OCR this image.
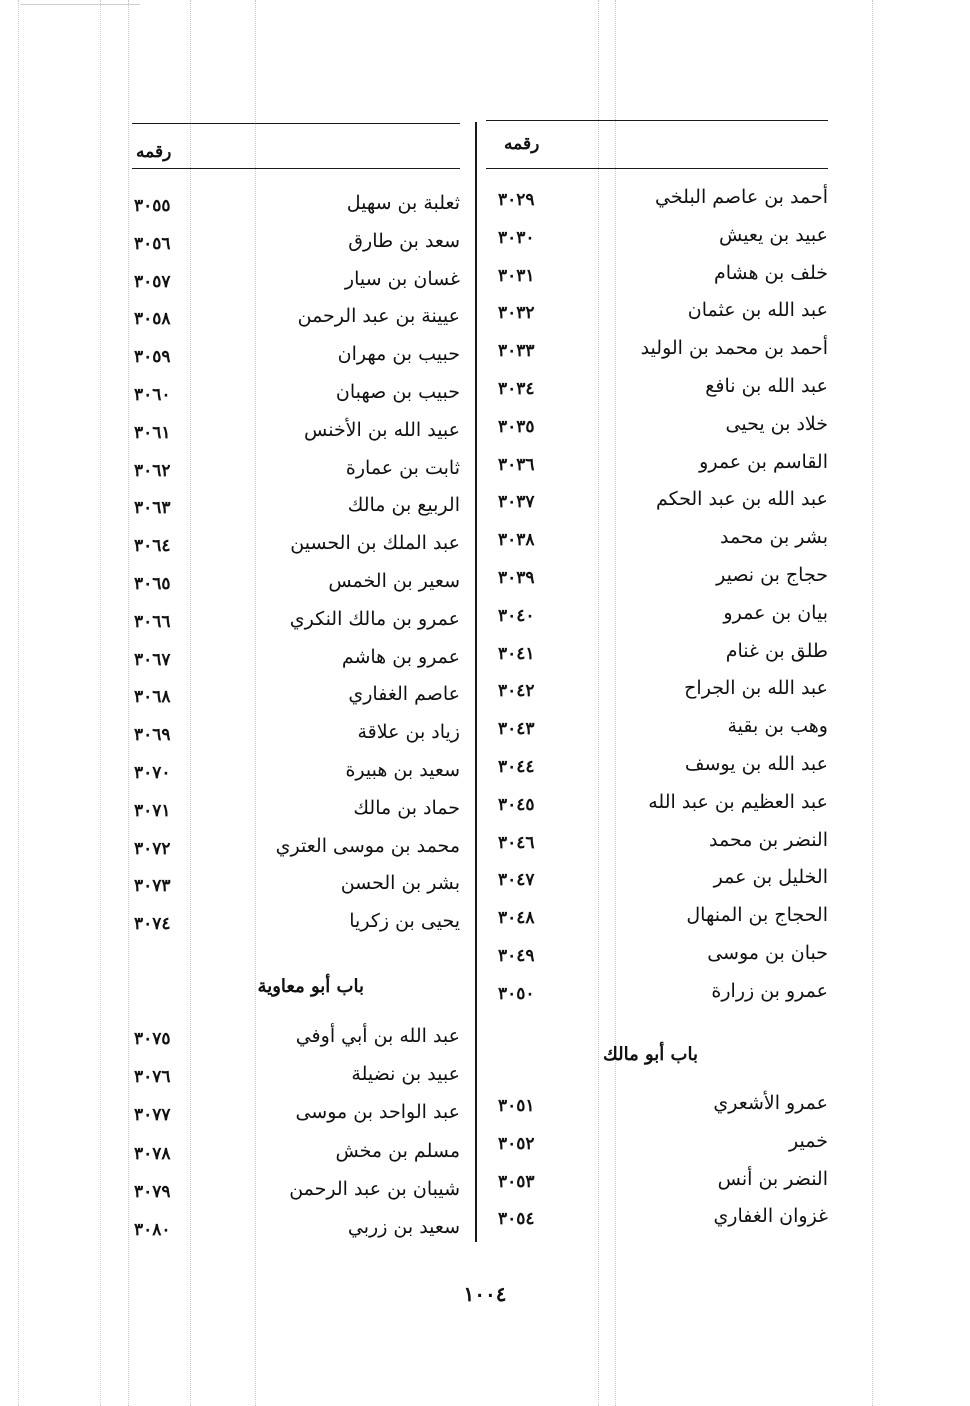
رقمه
ثعلبة بن سهيل
٣٠٥٥
سعد بن طارق
٣٠٥٦
غسان بن سيار
٣٠٥٧
عيينة بن عبد الرحمن
٣٠٥٨
حبيب بن مهران
٣٠٥٩
حبيب بن صهبان
٣٠٦٠
عبيد الله بن الأخنس
٣٠٦١
ثابت بن عمارة
٣٠٦٢
الربيع بن مالك
٣٠٦٣
عبد الملك بن الحسين
٣٠٦٤
سعير بن الخمس
٣٠٦٥
عمرو بن مالك النكري
٣٠٦٦
عمرو بن هاشم
٣٠٦٧
عاصم الغفاري
٣٠٦٨
زياد بن علاقة
٣٠٦٩
سعيد بن هبيرة
٣٠٧٠
حماد بن مالك
٣٠٧١
محمد بن موسى العتري
٣٠٧٢
بشر بن الحسن
٣٠٧٣
يحيى بن زكريا
٣٠٧٤
باب أبو معاوية
عبد الله بن أبي أوفي
٣٠٧٥
عبيد بن نضيلة
٣٠٧٦
عبد الواحد بن موسى
٣٠٧٧
مسلم بن مخش
٣٠٧٨
شيبان بن عبد الرحمن
٣٠٧٩
سعيد بن زربي
٣٠٨٠
رقمه
أحمد بن عاصم البلخي
٣٠٢٩
عبيد بن يعيش
٣٠٣٠
خلف بن هشام
٣٠٣١
عبد الله بن عثمان
٣٠٣٢
أحمد بن محمد بن الوليد
٣٠٣٣
عبد الله بن نافع
٣٠٣٤
خلاد بن يحيى
٣٠٣٥
القاسم بن عمرو
٣٠٣٦
عبد الله بن عبد الحكم
٣٠٣٧
بشر بن محمد
٣٠٣٨
حجاج بن نصير
٣٠٣٩
بيان بن عمرو
٣٠٤٠
طلق بن غنام
٣٠٤١
عبد الله بن الجراح
٣٠٤٢
وهب بن بقية
٣٠٤٣
عبد الله بن يوسف
٣٠٤٤
عبد العظيم بن عبد الله
٣٠٤٥
النضر بن محمد
٣٠٤٦
الخليل بن عمر
٣٠٤٧
الحجاج بن المنهال
٣٠٤٨
حبان بن موسى
٣٠٤٩
عمرو بن زرارة
٣٠٥٠
باب أبو مالك
عمرو الأشعري
٣٠٥١
خمير
٣٠٥٢
النضر بن أنس
٣٠٥٣
غزوان الغفاري
٣٠٥٤
١٠٠٤
